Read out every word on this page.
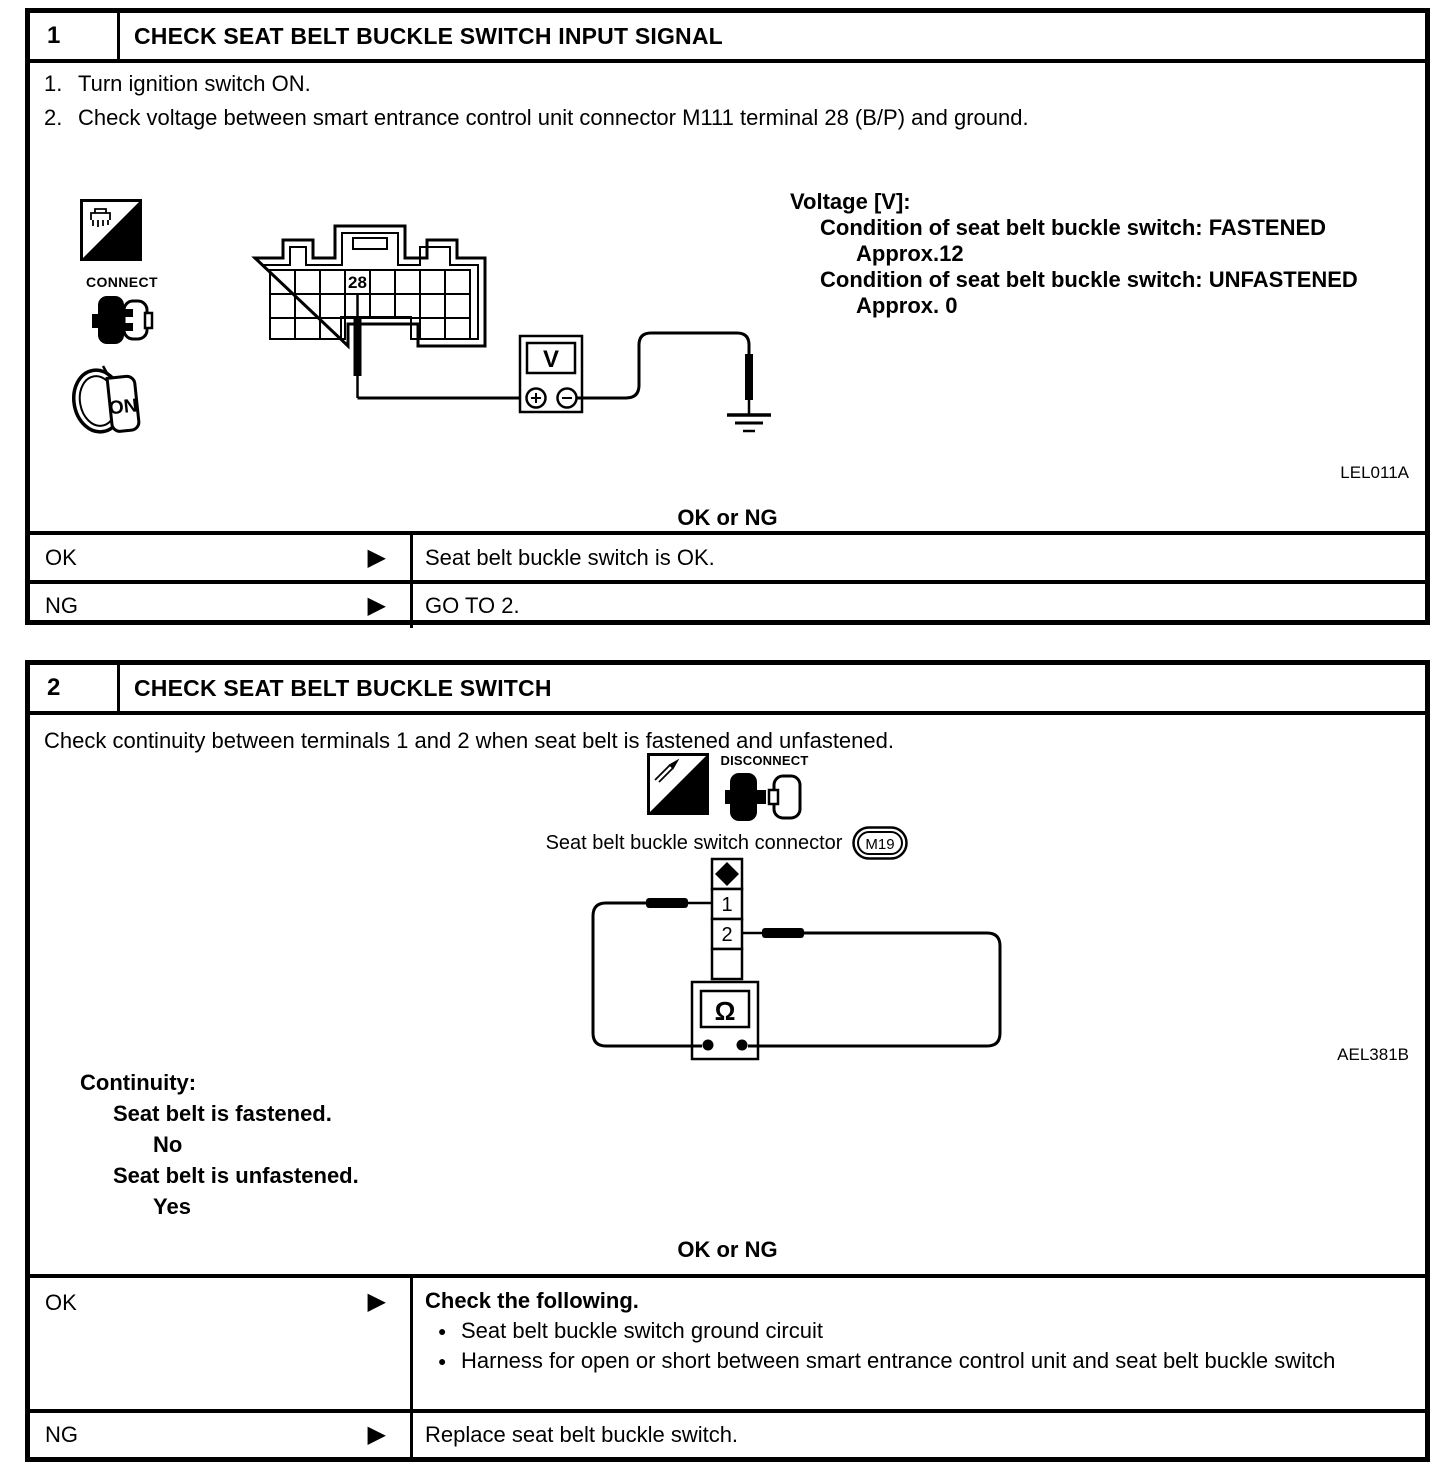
1	CHECK SEAT BELT BUCKLE SWITCH INPUT SIGNAL
1. Turn ignition switch ON.
2. Check voltage between smart entrance control unit connector M111 terminal 28 (B/P) and ground.
H.S.
CONNECT
ON
28
V
Voltage [V]:
Condition of seat belt buckle switch: FASTENED
Approx.12
Condition of seat belt buckle switch: UNFASTENED
Approx. 0
LEL011A
OK or NG
OK	▶ Seat belt buckle switch is OK.
NG	▶ GO TO 2.
2	CHECK SEAT BELT BUCKLE SWITCH
Check continuity between terminals 1 and 2 when seat belt is fastened and unfastened.
T.S.
DISCONNECT
Seat belt buckle switch connector M19
1
2
Ω
AEL381B
Continuity:
Seat belt is fastened.
No
Seat belt is unfastened.
Yes
OK or NG
OK	▶ Check the following.
● Seat belt buckle switch ground circuit
● Harness for open or short between smart entrance control unit and seat belt buckle switch
NG	▶ Replace seat belt buckle switch.
